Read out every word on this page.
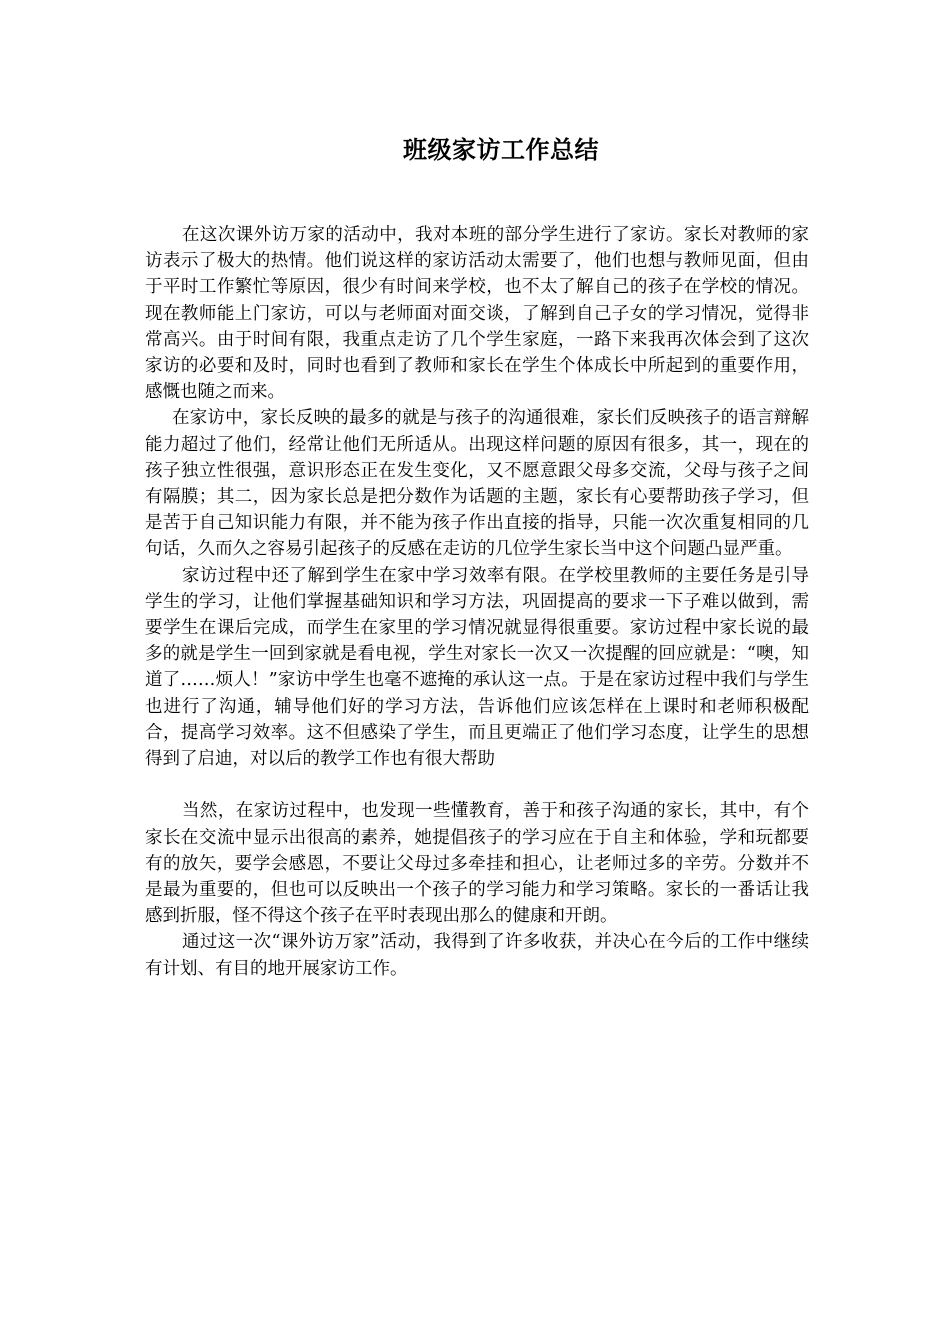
班级家访工作总结

在这次课外访万家的活动中，我对本班的部分学生进行了家访。家长对教师的家访表示了极大的热情。他们说这样的家访活动太需要了，他们也想与教师见面，但由于平时工作繁忙等原因，很少有时间来学校，也不太了解自己的孩子在学校的情况。现在教师能上门家访，可以与老师面对面交谈，了解到自己子女的学习情况，觉得非常高兴。由于时间有限，我重点走访了几个学生家庭，一路下来我再次体会到了这次家访的必要和及时，同时也看到了教师和家长在学生个体成长中所起到的重要作用，感慨也随之而来。

在家访中，家长反映的最多的就是与孩子的沟通很难，家长们反映孩子的语言辩解能力超过了他们，经常让他们无所适从。出现这样问题的原因有很多，其一，现在的孩子独立性很强，意识形态正在发生变化，又不愿意跟父母多交流，父母与孩子之间有隔膜；其二，因为家长总是把分数作为话题的主题，家长有心要帮助孩子学习，但是苦于自己知识能力有限，并不能为孩子作出直接的指导，只能一次次重复相同的几句话，久而久之容易引起孩子的反感在走访的几位学生家长当中这个问题凸显严重。

家访过程中还了解到学生在家中学习效率有限。在学校里教师的主要任务是引导学生的学习，让他们掌握基础知识和学习方法，巩固提高的要求一下子难以做到，需要学生在课后完成，而学生在家里的学习情况就显得很重要。家访过程中家长说的最多的就是学生一回到家就是看电视，学生对家长一次又一次提醒的回应就是：“噢，知道了……烦人！”家访中学生也毫不遮掩的承认这一点。于是在家访过程中我们与学生也进行了沟通，辅导他们好的学习方法，告诉他们应该怎样在上课时和老师积极配合，提高学习效率。这不但感染了学生，而且更端正了他们学习态度，让学生的思想得到了启迪，对以后的教学工作也有很大帮助

当然，在家访过程中，也发现一些懂教育，善于和孩子沟通的家长，其中，有个家长在交流中显示出很高的素养，她提倡孩子的学习应在于自主和体验，学和玩都要有的放矢，要学会感恩，不要让父母过多牵挂和担心，让老师过多的辛劳。分数并不是最为重要的，但也可以反映出一个孩子的学习能力和学习策略。家长的一番话让我感到折服，怪不得这个孩子在平时表现出那么的健康和开朗。

通过这一次“课外访万家”活动，我得到了许多收获，并决心在今后的工作中继续有计划、有目的地开展家访工作。
